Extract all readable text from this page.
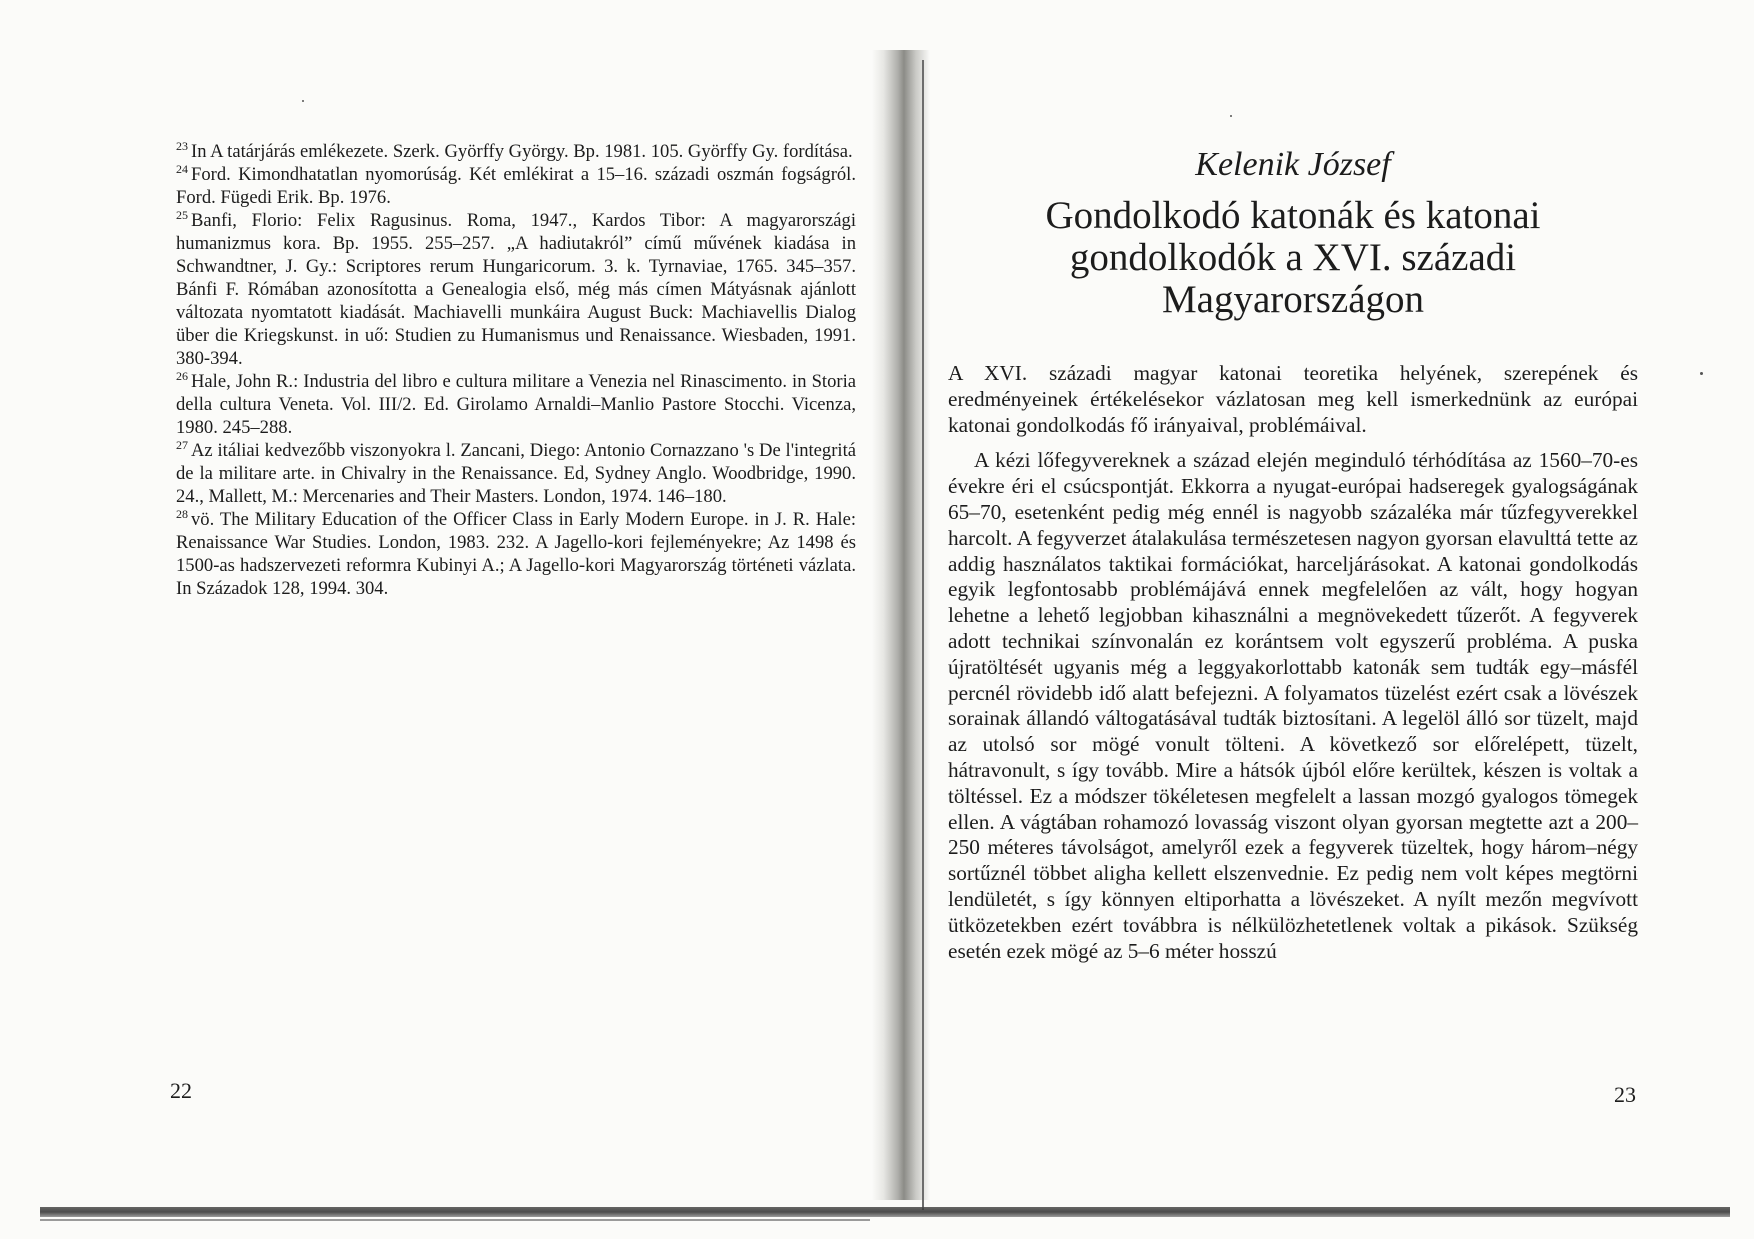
$^{23}$ In A tatárjárás emlékezete. Szerk. Györffy György. Bp. 1981. 105. Györffy Gy. fordítása.

$^{24}$ Ford. Kimondhatatlan nyomorúság. Két emlékirat a 15–16. századi oszmán fogságról. Ford. Fügedi Erik. Bp. 1976.

$^{25}$ Banfi, Florio: Felix Ragusinus. Roma, 1947., Kardos Tibor: A magyarországi humanizmus kora. Bp. 1955. 255–257. „A hadiutakról” című művének kiadása in Schwandtner, J. Gy.: Scriptores rerum Hungaricorum. 3. k. Tyrnaviae, 1765. 345–357. Bánfi F. Rómában azonosította a Genealogia első, még más címen Mátyásnak ajánlott változata nyomtatott kiadását. Machiavelli munkáira August Buck: Machiavellis Dialog über die Kriegskunst. in uő: Studien zu Humanismus und Renaissance. Wiesbaden, 1991. 380-394.

$^{26}$ Hale, John R.: Industria del libro e cultura militare a Venezia nel Rinascimento. in Storia della cultura Veneta. Vol. III/2. Ed. Girolamo Arnaldi–Manlio Pastore Stocchi. Vicenza, 1980. 245–288.

$^{27}$ Az itáliai kedvezőbb viszonyokra l. Zancani, Diego: Antonio Cornazzano 's De l'integritá de la militare arte. in Chivalry in the Renaissance. Ed, Sydney Anglo. Woodbridge, 1990. 24., Mallett, M.: Mercenaries and Their Masters. London, 1974. 146–180.

$^{28}$ vö. The Military Education of the Officer Class in Early Modern Europe. in J. R. Hale: Renaissance War Studies. London, 1983. 232. A Jagello-kori fejleményekre; Az 1498 és 1500-as hadszervezeti reformra Kubinyi A.; A Jagello-kori Magyarország történeti vázlata. In Századok 128, 1994. 304.

22

Kelenik József

Gondolkodó katonák és katonai
gondolkodók a XVI. századi
Magyarországon

A XVI. századi magyar katonai teoretika helyének, szerepének és eredményeinek értékelésekor vázlatosan meg kell ismerkednünk az európai katonai gondolkodás fő irányaival, problémáival.

A kézi lőfegyvereknek a század elején meginduló térhódítása az 1560–70-es évekre éri el csúcspontját. Ekkorra a nyugat-európai hadseregek gyalogságának 65–70, esetenként pedig még ennél is nagyobb százaléka már tűzfegyverekkel harcolt. A fegyverzet átalakulása természetesen nagyon gyorsan elavulttá tette az addig használatos taktikai formációkat, harceljárásokat. A katonai gondolkodás egyik legfontosabb problémájává ennek megfelelően az vált, hogy hogyan lehetne a lehető legjobban kihasználni a megnövekedett tűzerőt. A fegyverek adott technikai színvonalán ez korántsem volt egyszerű probléma. A puska újratöltését ugyanis még a leggyakorlottabb katonák sem tudták egy–másfél percnél rövidebb idő alatt befejezni. A folyamatos tüzelést ezért csak a lövészek sorainak állandó váltogatásával tudták biztosítani. A legelöl álló sor tüzelt, majd az utolsó sor mögé vonult tölteni. A következő sor előrelépett, tüzelt, hátravonult, s így tovább. Mire a hátsók újból előre kerültek, készen is voltak a töltéssel. Ez a módszer tökéletesen megfelelt a lassan mozgó gyalogos tömegek ellen. A vágtában rohamozó lovasság viszont olyan gyorsan megtette azt a 200–250 méteres távolságot, amelyről ezek a fegyverek tüzeltek, hogy három–négy sortűznél többet aligha kellett elszenvednie. Ez pedig nem volt képes megtörni lendületét, s így könnyen eltiporhatta a lövészeket. A nyílt mezőn megvívott ütközetekben ezért továbbra is nélkülözhetetlenek voltak a pikások. Szükség esetén ezek mögé az 5–6 méter hosszú

23
